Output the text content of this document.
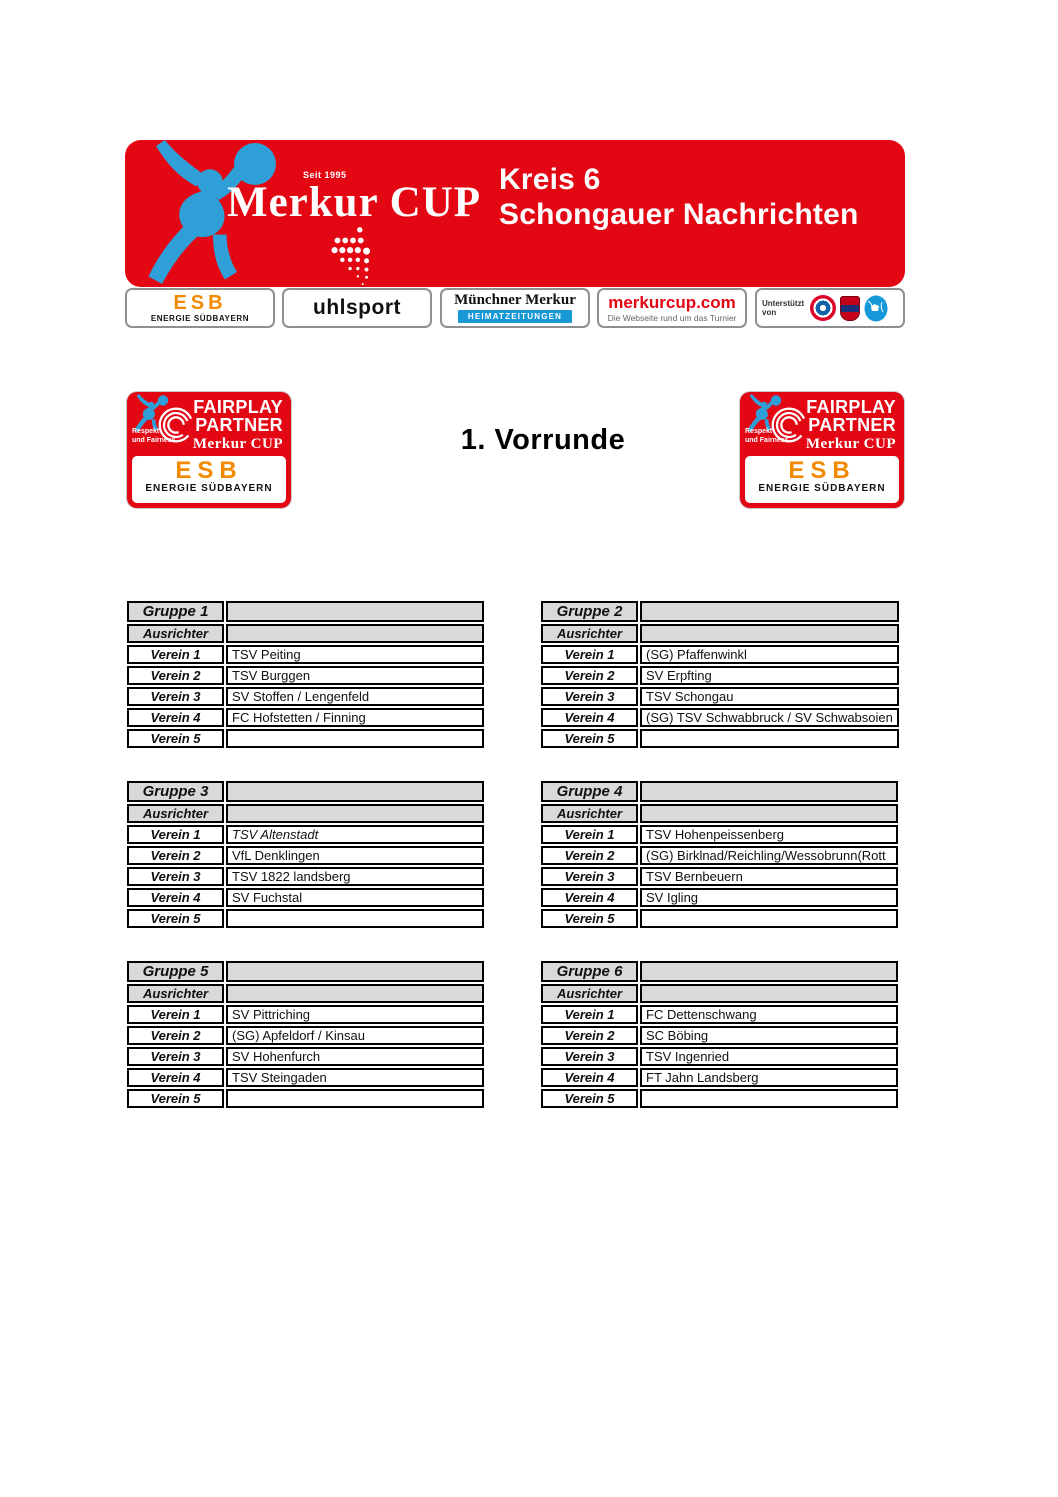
Seit 1995
Merkur CUP Kreis 6
Schongauer Nachrichten
ESB
ENERGIE SÜDBAYERN	uhlsport	Münchner Merkur
HEIMATZEITUNGEN
merkurcup.com
Die Webseite rund um das Turnier
Unterstützt von
Respekt
und Fairness
FAIRPLAY
PARTNER
Merkur CUP
ESB
ENERGIE SÜDBAYERN
Respekt
und Fairness
FAIRPLAY
PARTNER
Merkur CUP
ESB
ENERGIE SÜDBAYERN
1. Vorrunde
Gruppe 1	
Ausrichter	
Verein 1	TSV Peiting
Verein 2	TSV Burggen
Verein 3	SV Stoffen / Lengenfeld
Verein 4	FC Hofstetten / Finning
Verein 5	
Gruppe 2	
Ausrichter	
Verein 1	(SG) Pfaffenwinkl
Verein 2	SV Erpfting
Verein 3	TSV Schongau
Verein 4	(SG) TSV Schwabbruck / SV Schwabsoien
Verein 5	
Gruppe 3	
Ausrichter	
Verein 1	TSV Altenstadt
Verein 2	VfL Denklingen
Verein 3	TSV 1822 landsberg
Verein 4	SV Fuchstal
Verein 5	
Gruppe 4	
Ausrichter	
Verein 1	TSV Hohenpeissenberg
Verein 2	(SG) Birklnad/Reichling/Wessobrunn(Rott
Verein 3	TSV Bernbeuern
Verein 4	SV Igling
Verein 5	
Gruppe 5	
Ausrichter	
Verein 1	SV Pittriching
Verein 2	(SG) Apfeldorf / Kinsau
Verein 3	SV Hohenfurch
Verein 4	TSV Steingaden
Verein 5	
Gruppe 6	
Ausrichter	
Verein 1	FC Dettenschwang
Verein 2	SC Böbing
Verein 3	TSV Ingenried
Verein 4	FT Jahn Landsberg
Verein 5	
